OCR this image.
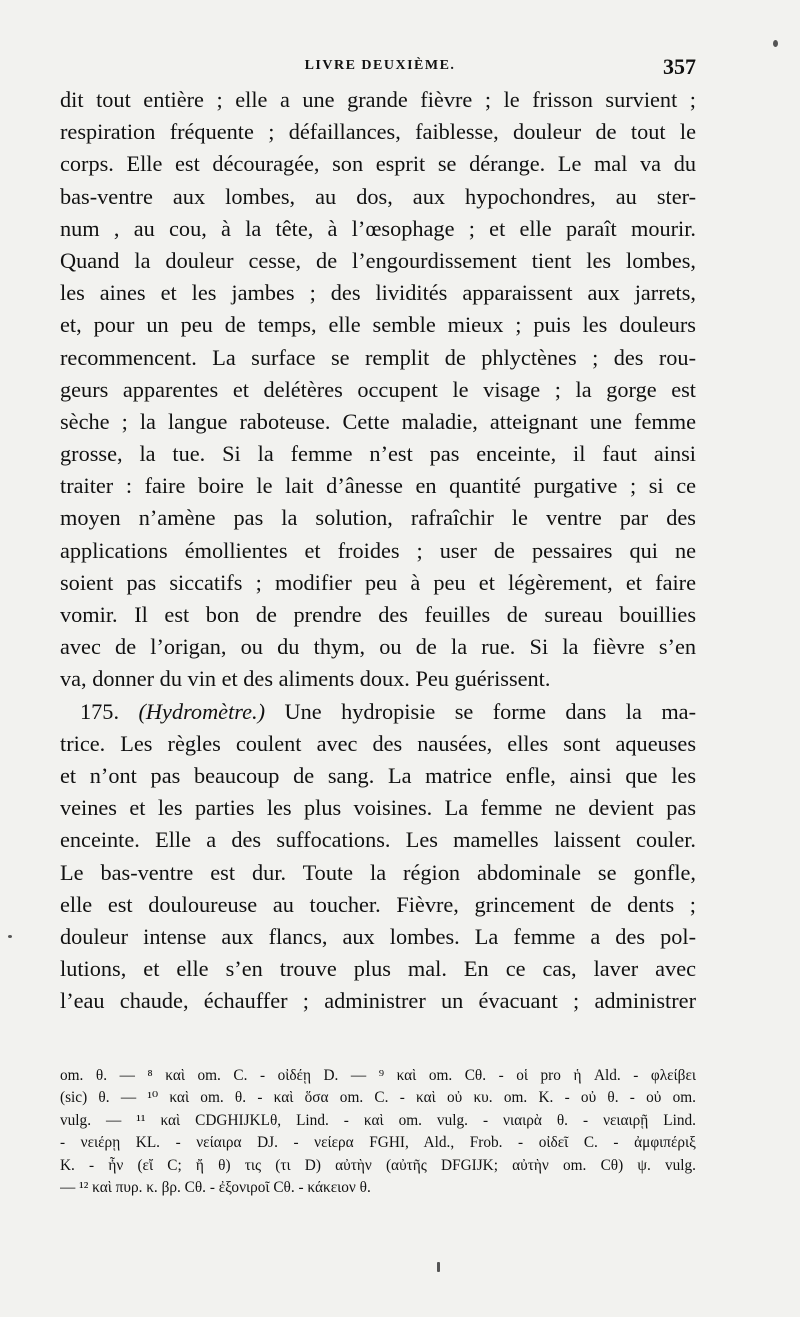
LIVRE DEUXIÈME.	357
dit tout entière ; elle a une grande fièvre ; le frisson survient ;
respiration fréquente ; défaillances, faiblesse, douleur de tout le
corps. Elle est découragée, son esprit se dérange. Le mal va du
bas-ventre aux lombes, au dos, aux hypochondres, au ster-
num , au cou, à la tête, à l’œsophage ; et elle paraît mourir.
Quand la douleur cesse, de l’engourdissement tient les lombes,
les aines et les jambes ; des lividités apparaissent aux jarrets,
et, pour un peu de temps, elle semble mieux ; puis les douleurs
recommencent. La surface se remplit de phlyctènes ; des rou-
geurs apparentes et delétères occupent le visage ; la gorge est
sèche ; la langue raboteuse. Cette maladie, atteignant une femme
grosse, la tue. Si la femme n’est pas enceinte, il faut ainsi
traiter : faire boire le lait d’ânesse en quantité purgative ; si ce
moyen n’amène pas la solution, rafraîchir le ventre par des
applications émollientes et froides ; user de pessaires qui ne
soient pas siccatifs ; modifier peu à peu et légèrement, et faire
vomir. Il est bon de prendre des feuilles de sureau bouillies
avec de l’origan, ou du thym, ou de la rue. Si la fièvre s’en
va, donner du vin et des aliments doux. Peu guérissent.
175. (Hydromètre.) Une hydropisie se forme dans la ma-
trice. Les règles coulent avec des nausées, elles sont aqueuses
et n’ont pas beaucoup de sang. La matrice enfle, ainsi que les
veines et les parties les plus voisines. La femme ne devient pas
enceinte. Elle a des suffocations. Les mamelles laissent couler.
Le bas-ventre est dur. Toute la région abdominale se gonfle,
elle est douloureuse au toucher. Fièvre, grincement de dents ;
douleur intense aux flancs, aux lombes. La femme a des pol-
lutions, et elle s’en trouve plus mal. En ce cas, laver avec
l’eau chaude, échauffer ; administrer un évacuant ; administrer
om. θ. — ⁸ καὶ om. C. - οἰδέῃ D. — ⁹ καὶ om. Cθ. - οἱ pro ἡ Ald. - φλείβει
(sic) θ. — ¹⁰ καὶ om. θ. - καὶ ὅσα om. C. - καὶ οὐ κυ. om. K. - οὐ θ. - οὐ om.
vulg. — ¹¹ καὶ CDGHIJKLθ, Lind. - καὶ om. vulg. - νιαιρὰ θ. - νειαιρῇ Lind.
- νειέρῃ KL. - νείαιρα DJ. - νείερα FGHI, Ald., Frob. - οἰδεῖ C. - ἀμφιπέριξ
K. - ἦν (εἴ C; ἤ θ) τις (τι D) αὐτὴν (αὐτῆς DFGIJK; αὐτὴν om. Cθ) ψ. vulg.
— ¹² καὶ πυρ. κ. βρ. Cθ. - ἐξονιροῖ Cθ. - κάκειον θ.
